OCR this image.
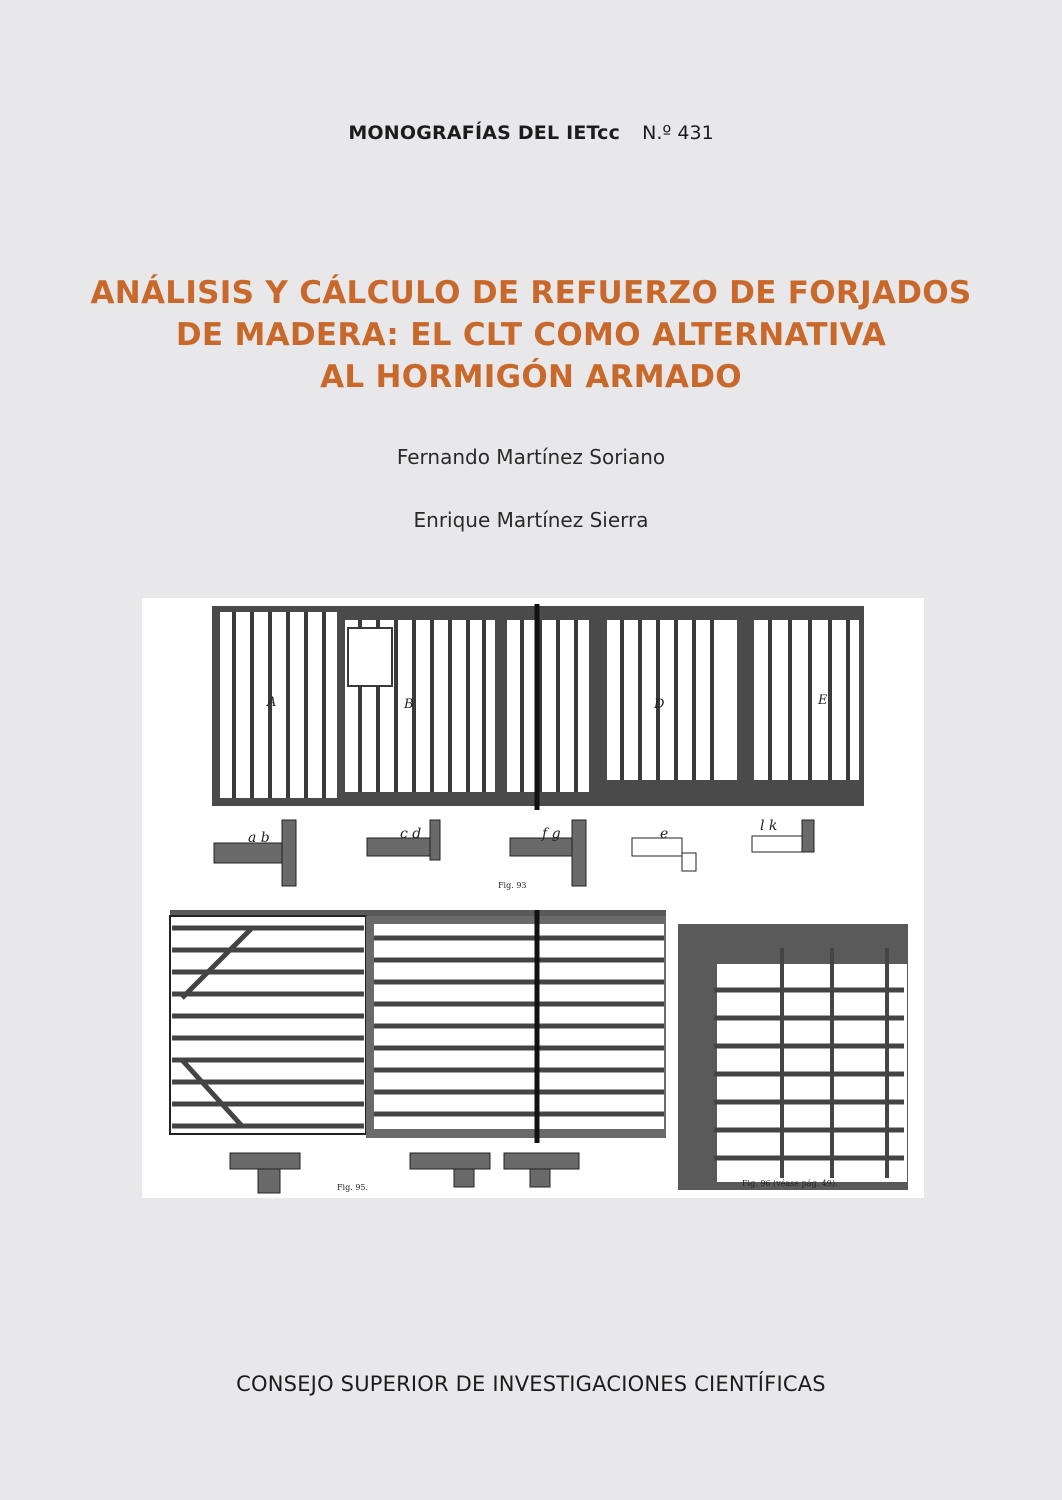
MONOGRAFÍAS DEL IETcc N.º 431
ANÁLISIS Y CÁLCULO DE REFUERZO DE FORJADOS
DE MADERA: EL CLT COMO ALTERNATIVA
AL HORMIGÓN ARMADO
Fernando Martínez Soriano
Enrique Martínez Sierra
A	B	D	E
a b	c d	f g	e	l k
Fig. 93
Fig. 95.	Fig. 96 (véase pág. 49).
CONSEJO SUPERIOR DE INVESTIGACIONES CIENTÍFICAS
